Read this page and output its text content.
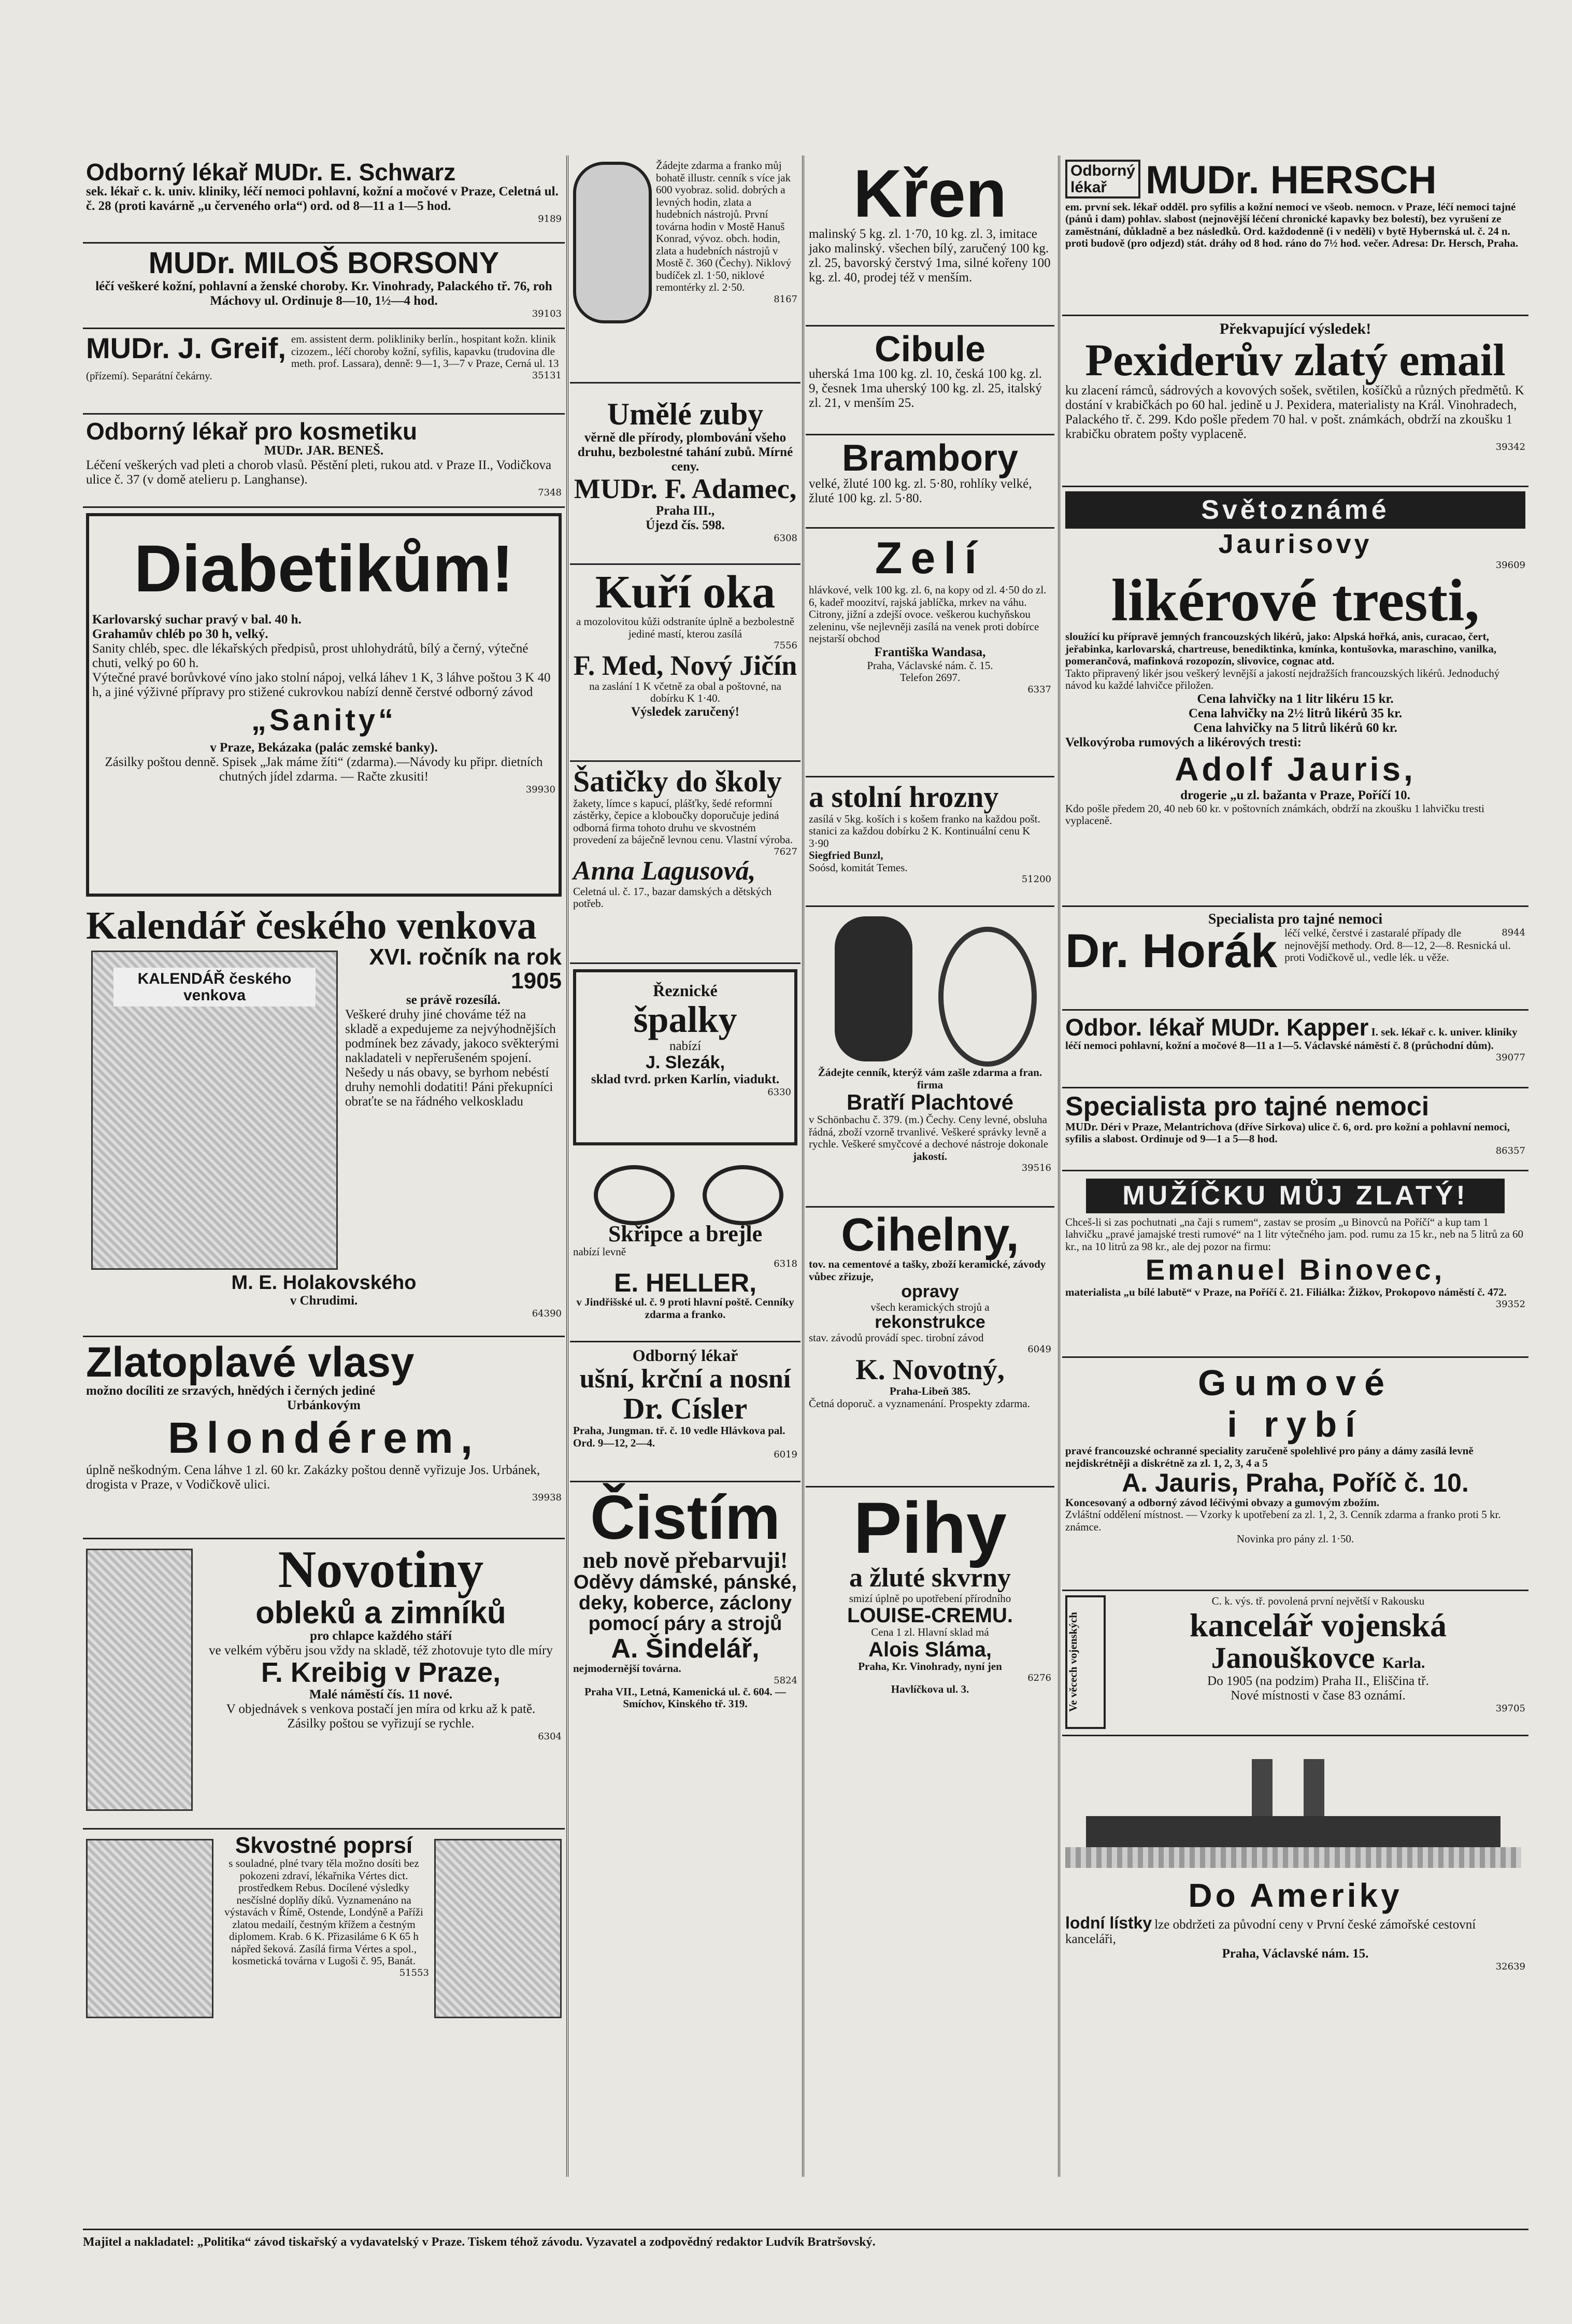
Odborný lékař MUDr. E. Schwarz
sek. lékař c. k. univ. kliniky, léčí nemoci pohlavní, kožní a močové v Praze, Celetná ul. č. 28 (proti kavárně „u červeného orla“) ord. od 8—11 a 1—5 hod.
9189
MUDr. MILOŠ BORSONY
léčí veškeré kožní, pohlavní a ženské choroby. Kr. Vinohrady, Palackého tř. 76, roh Máchovy ul. Ordinuje 8—10, 1½—4 hod.
39103
MUDr. J. Greif, em. assistent derm. polikliniky berlín., hospitant kožn. klinik cizozem., léčí choroby kožní, syfilis, kapavku (trudovina dle meth. prof. Lassara), denně: 9—1, 3—7 v Praze, Cerná ul. 13 (přízemí). Separátní čekárny.	35131
Odborný lékař pro kosmetiku
MUDr. JAR. BENEŠ.
Léčení veškerých vad pleti a chorob vlasů. Pěstění pleti, rukou atd. v Praze II., Vodičkova ulice č. 37 (v domě atelieru p. Langhanse).
7348
Diabetikům!
Karlovarský suchar pravý v bal. 40 h.
Grahamův chléb po 30 h, velký.
Sanity chléb, spec. dle lékařských předpisů, prost uhlohydrátů, bílý a černý, výtečné chuti, velký po 60 h.
Výtečné pravé borůvkové víno jako stolní nápoj, velká láhev 1 K, 3 láhve poštou 3 K 40 h, a jiné výživné přípravy pro stižené cukrovkou nabízí denně čerstvé odborný závod
„Sanity“
v Praze, Bekázaka (palác zemské banky).
Zásilky poštou denně. Spisek „Jak máme žíti“ (zdarma).—Návody ku připr. dietních chutných jídel zdarma. — Račte zkusiti!
39930
Kalendář českého venkova
KALENDÁŘ českého venkova
XVI. ročník na rok 1905
se právě rozesílá.
Veškeré druhy jiné chováme též na skladě a expedujeme za nejvýhodnějších podmínek bez závady, jakoco svěkterými nakladateli v nepřerušeném spojení. Nešedy u nás obavy, se byrhom nebéstí druhy nemohli dodatiti! Páni překupníci obraťte se na řádného velkoskladu
M. E. Holakovského
v Chrudimi.
64390
Zlatoplavé vlasy
možno docíliti ze srzavých, hnědých i černých jediné
Urbánkovým
Blondérem,
úplně neškodným. Cena láhve 1 zl. 60 kr. Zakázky poštou denně vyřizuje Jos. Urbánek, drogista v Praze, v Vodičkově ulici.
39938
Novotiny
obleků a zimníků
pro chlapce každého stáří
ve velkém výběru jsou vždy na skladě, též zhotovuje tyto dle míry
F. Kreibig v Praze,
Malé náměstí čís. 11 nové.
V objednávek s venkova postačí jen míra od krku až k patě.
Zásilky poštou se vyřizují se rychle.
6304
Skvostné poprsí
s souladné, plné tvary těla možno dosíti bez pokozeni zdraví, lékařnika Vértes dict. prostředkem Rebus. Docílené výsledky nesčíslné doplňy díků. Vyznamenáno na výstavách v Římě, Ostende, Londýně a Paříži zlatou medailí, čestným křížem a čestným diplomem. Krab. 6 K. Přizasiláme 6 K 65 h nápřed šeková. Zasílá firma Vértes a spol., kosmetická továrna v Lugoši č. 95, Banát.
51553
Žádejte zdarma a franko můj bohatě illustr. cenník s více jak 600 vyobraz. solid. dobrých a levných hodin, zlata a hudebních nástrojů. První továrna hodin v Mostě Hanuš Konrad, vývoz. obch. hodin, zlata a hudebních nástrojů v Mostě č. 360 (Čechy). Niklový budíček zl. 1·50, niklové remontérky zl. 2·50.
8167
Umělé zuby
věrně dle přírody, plombování všeho druhu, bezbolestné tahání zubů. Mírné ceny.
MUDr. F. Adamec,
Praha III.,
Újezd čís. 598.
6308
Kuří oka
a mozolovitou kůži odstraníte úplně a bezbolestně jediné mastí, kterou zasílá
7556
F. Med, Nový Jičín
na zaslání 1 K včetně za obal a poštovné, na dobírku K 1·40.
Výsledek zaručený!
Šatičky do školy
žakety, límce s kapucí, plášťky, šedé reformní zástěrky, čepice a kloboučky doporučuje jediná odborná firma tohoto druhu ve skvostném provedení za báječně levnou cenu. Vlastní výroba.
7627
Anna Lagusová,
Celetná ul. č. 17., bazar damských a dětských potřeb.
Řeznické
špalky
nabízí
J. Slezák,
sklad tvrd. prken Karlín, viadukt.
6330
Skřipce a brejle
nabízí levně
6318
E. HELLER,
v Jindřišské ul. č. 9 proti hlavní poště. Cenníky zdarma a franko.
Odborný lékař
ušní, krční a nosní
Dr. Císler
Praha, Jungman. tř. č. 10 vedle Hlávkova pal. Ord. 9—12, 2—4.
6019
Čistím
neb nově přebarvuji!
Oděvy dámské, pánské, deky, koberce, záclony pomocí páry a strojů
A. Šindelář,
nejmodernější továrna.
5824
Praha VII., Letná, Kamenická ul. č. 604. — Smíchov, Kinského tř. 319.
Křen
malinský 5 kg. zl. 1·70, 10 kg. zl. 3, imitace jako malinský. všechen bílý, zaručený 100 kg. zl. 25, bavorský čerstvý 1ma, silné kořeny 100 kg. zl. 40, prodej též v menším.
Cibule
uherská 1ma 100 kg. zl. 10, česká 100 kg. zl. 9, česnek 1ma uherský 100 kg. zl. 25, italský zl. 21, v menším 25.
Brambory
velké, žluté 100 kg. zl. 5·80, rohlíky velké, žluté 100 kg. zl. 5·80.
Zelí
hlávkové, velk 100 kg. zl. 6, na kopy od zl. 4·50 do zl. 6, kadeř moozitví, rajská jablíčka, mrkev na váhu. Citrony, jižní a zdejší ovoce. veškerou kuchyňskou zeleninu, vše nejlevněji zasílá na venek proti dobírce nejstarší obchod
Františka Wandasa,
Praha, Václavské nám. č. 15.
Telefon 2697.
6337
a stolní hrozny
zasílá v 5kg. koších i s košem franko na každou pošt. stanici za každou dobírku 2 K. Kontinuální cenu K 3·90
Siegfried Bunzl,
Soósd, komitát Temes.
51200
Žádejte cenník, kterýž vám zašle zdarma a fran. firma
Bratří Plachtové
v Schönbachu č. 379. (m.) Čechy. Ceny levné, obsluha řádná, zboží vzorně trvanlivé. Veškeré správky levně a rychle. Veškeré smyčcové a dechové nástroje dokonale
jakostí.
39516
Cihelny,
tov. na cementové a tašky, zboží keramické, závody vůbec zřizuje,
opravy
všech keramických strojů a
rekonstrukce
stav. závodů provádí spec. tirobní závod
6049
K. Novotný,
Praha-Libeň 385.
Četná doporuč. a vyznamenání. Prospekty zdarma.
Pihy
a žluté skvrny
smizí úplně po upotřebení přírodního
LOUISE-CREMU.
Cena 1 zl. Hlavní sklad má
Alois Sláma,
Praha, Kr. Vinohrady, nyní jen
6276
Havlíčkova ul. 3.
Odborný
lékař MUDr. HERSCH
em. první sek. lékař odděl. pro syfilis a kožní nemoci ve všeob. nemocn. v Praze, léčí nemoci tajné (pánů i dam) pohlav. slabost (nejnovější léčení chronické kapavky bez bolestí), bez vyrušení ze zaměstnání, důkladně a bez následků. Ord. každodenně (i v neděli) v bytě Hybernská ul. č. 24 n. proti budově (pro odjezd) stát. dráhy od 8 hod. ráno do 7½ hod. večer. Adresa: Dr. Hersch, Praha.
Překvapující výsledek!
Pexiderův zlatý email
ku zlacení rámců, sádrových a kovových sošek, světilen, košíčků a různých předmětů. K dostání v krabičkách po 60 hal. jedině u J. Pexidera, materialisty na Král. Vinohradech, Palackého tř. č. 299. Kdo pošle předem 70 hal. v pošt. známkách, obdrží na zkoušku 1 krabičku obratem pošty vyplaceně.
39342
Světoznámé
Jaurisovy
39609
likérové tresti,
sloužící ku přípravě jemných francouzských likérů, jako: Alpská hořká, anis, curacao, čert, jeřabinka, karlovarská, chartreuse, benediktinka, kmínka, kontušovka, maraschino, vanilka, pomerančová, mafinková rozopozín, slivovice, cognac atd.
Takto připravený likér jsou veškerý levnější a jakostí nejdražších francouzských likérů. Jednoduchý návod ku každé lahvičce přiložen.
Cena lahvičky na 1 litr likéru 15 kr.
Cena lahvičky na 2½ litrů likérů 35 kr.
Cena lahvičky na 5 litrů likérů 60 kr.
Velkovýroba rumových a likérových tresti:
Adolf Jauris,
drogerie „u zl. bažanta v Praze, Poříčí 10.
Kdo pošle předem 20, 40 neb 60 kr. v poštovních známkách, obdrží na zkoušku 1 lahvičku tresti vyplaceně.
Specialista pro tajné nemoci
8944
Dr. Horák léčí velké, čerstvé i zastaralé případy dle nejnovější methody. Ord. 8—12, 2—8. Resnická ul. proti Vodičkově ul., vedle lék. u věže.
Odbor. lékař MUDr. Kapper I. sek. lékař c. k. univer. kliniky
léčí nemoci pohlavní, kožní a močové 8—11 a 1—5. Václavské náměstí č. 8 (průchodní dům).
39077
Specialista pro tajné nemoci
MUDr. Déri v Praze, Melantrichova (dříve Sirkova) ulice č. 6, ord. pro kožní a pohlavní nemoci, syfilis a slabost. Ordinuje od 9—1 a 5—8 hod.
86357
MUŽÍČKU MŮJ ZLATÝ!
Chceš-li si zas pochutnati „na čaji s rumem“, zastav se prosím „u Binovců na Poříčí“ a kup tam 1 lahvičku „pravé jamajské tresti rumové“ na 1 litr výtečného jam. pod. rumu za 15 kr., neb na 5 litrů za 60 kr., na 10 litrů za 98 kr., ale dej pozor na firmu:
Emanuel Binovec,
materialista „u bílé labutě“ v Praze, na Poříčí č. 21. Filiálka: Žižkov, Prokopovo náměstí č. 472.
39352
Gumové
i rybí
pravé francouzské ochranné speciality zaručeně spolehlivé pro pány a dámy zasílá levně nejdiskrétněji a diskrétně za zl. 1, 2, 3, 4 a 5
A. Jauris, Praha, Poříč č. 10.
Koncesovaný a odborný závod léčivými obvazy a gumovým zbožím.
Zvláštní oddělení místnost. — Vzorky k upotřebení za zl. 1, 2, 3. Cenník zdarma a franko proti 5 kr. známce.
Novinka pro pány zl. 1·50.
Ve věcech vojenských
C. k. výs. tř. povolená první největší v Rakousku
kancelář vojenská
Janouškovce Karla.
Do 1905 (na podzim) Praha II., Eliščina tř.
Nové místnosti v čase 83 oznámí.
39705
Do Ameriky
lodní lístky lze obdržeti za původní ceny v První české zámořské cestovní kanceláři,
Praha, Václavské nám. 15.
32639
Majitel a nakladatel: „Politika“ závod tiskařský a vydavatelský v Praze. Tiskem téhož závodu. Vyzavatel a zodpovědný redaktor Ludvík Bratršovský.
